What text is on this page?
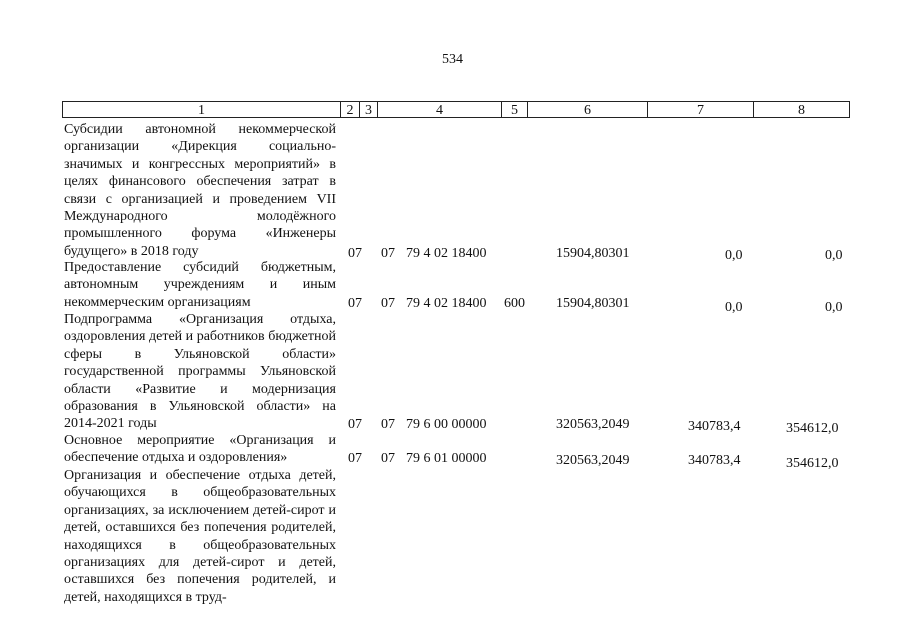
534
1	2 3	4	5	6	7	8
Субсидии автономной некоммерческой организации «Дирекция социально-значимых и конгрессных мероприятий» в целях финансового обеспечения затрат в связи с организацией и проведением VII Международного молодёжного промышленного форума «Инженеры будущего» в 2018 году	07 07 79 4 02 18400	15904,80301	0,0	0,0
Предоставление субсидий бюджетным, автономным учреждениям и иным некоммерческим организациям	07 07 79 4 02 18400 600 15904,80301	0,0	0,0
Подпрограмма «Организация отдыха, оздоровления детей и работников бюджетной сферы в Ульяновской области» государственной программы Ульяновской области «Развитие и модернизация образования в Ульяновской области» на 2014-2021 годы	07 07 79 6 00 00000	320563,2049	340783,4	354612,0
Основное мероприятие «Организация и обеспечение отдыха и оздоровления»	07 07 79 6 01 00000	320563,2049	340783,4	354612,0
Организация и обеспечение отдыха детей, обучающихся в общеобразовательных организациях, за исключением детей-сирот и детей, оставшихся без попечения родителей, находящихся в общеобразовательных организациях для детей-сирот и детей, оставшихся без попечения родителей, и детей, находящихся в труд-
